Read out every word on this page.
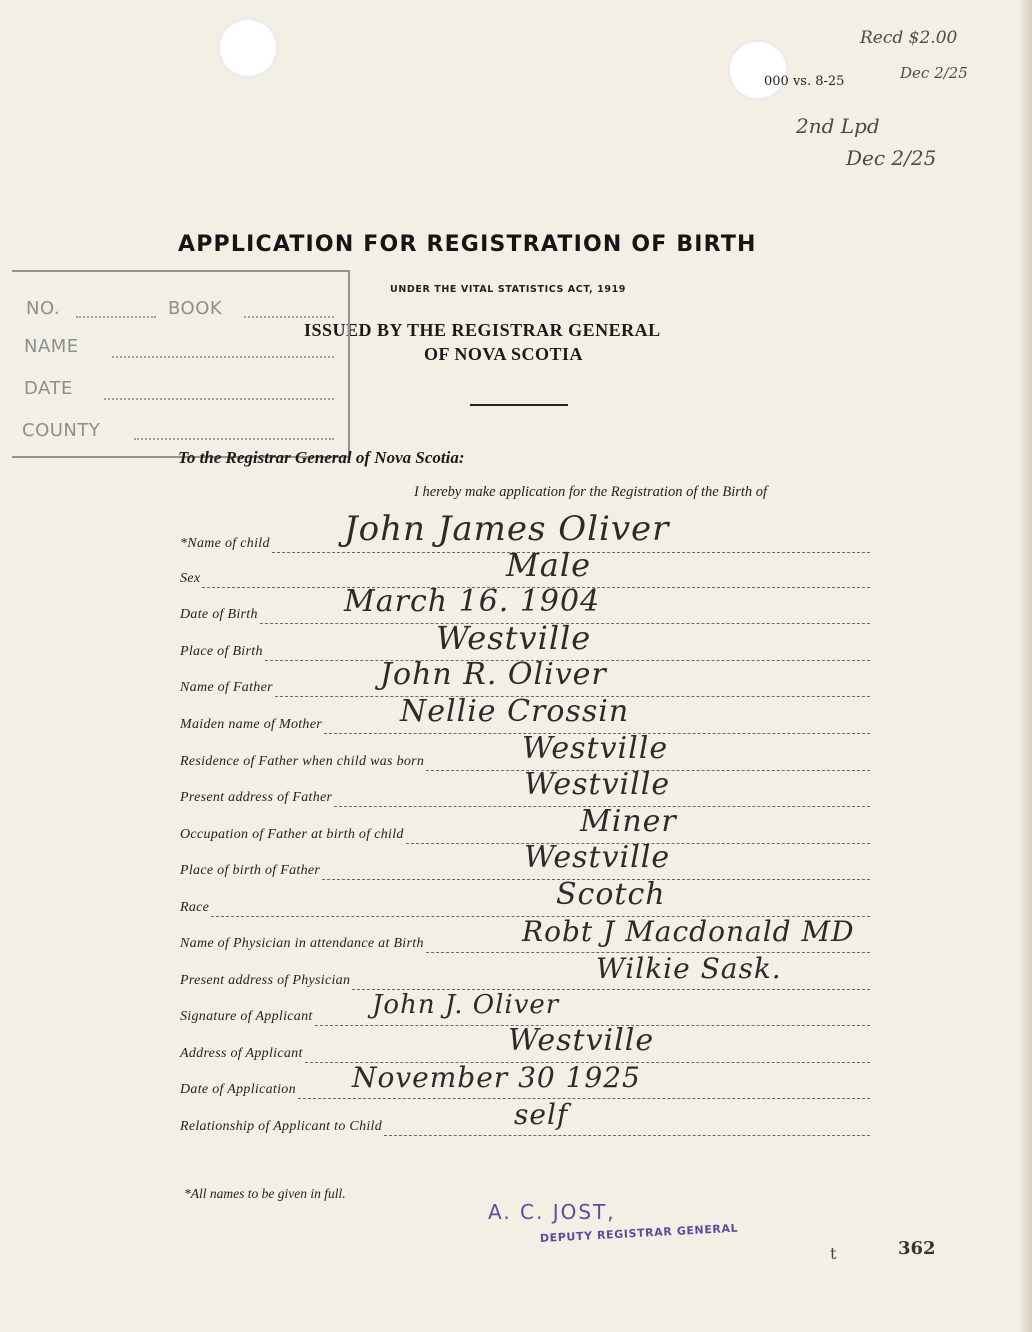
000 vs. 8-25
Recd $2.00
Dec 2/25
2nd Lpd
Dec 2/25
APPLICATION FOR REGISTRATION OF BIRTH
UNDER THE VITAL STATISTICS ACT, 1919
ISSUED BY THE REGISTRAR GENERAL
OF NOVA SCOTIA
NO.	BOOK
NAME
DATE
COUNTY
To the Registrar General of Nova Scotia:
I hereby make application for the Registration of the Birth of
*Name of child John James Oliver
Sex	Male
Date of Birth	March 16. 1904
Place of Birth	Westville
Name of Father	John R. Oliver
Maiden name of Mother	Nellie Crossin
Residence of Father when child was born	Westville
Present address of Father	Westville
Occupation of Father at birth of child	Miner
Place of birth of Father	Westville
Race	Scotch
Name of Physician in attendance at Birth	Robt J Macdonald MD
Present address of Physician	Wilkie Sask.
Signature of Applicant John J. Oliver
Address of Applicant	Westville
Date of Application November 30 1925
Relationship of Applicant to Child	self
*All names to be given in full.
A. C. JOST,
DEPUTY REGISTRAR GENERAL
t	362
